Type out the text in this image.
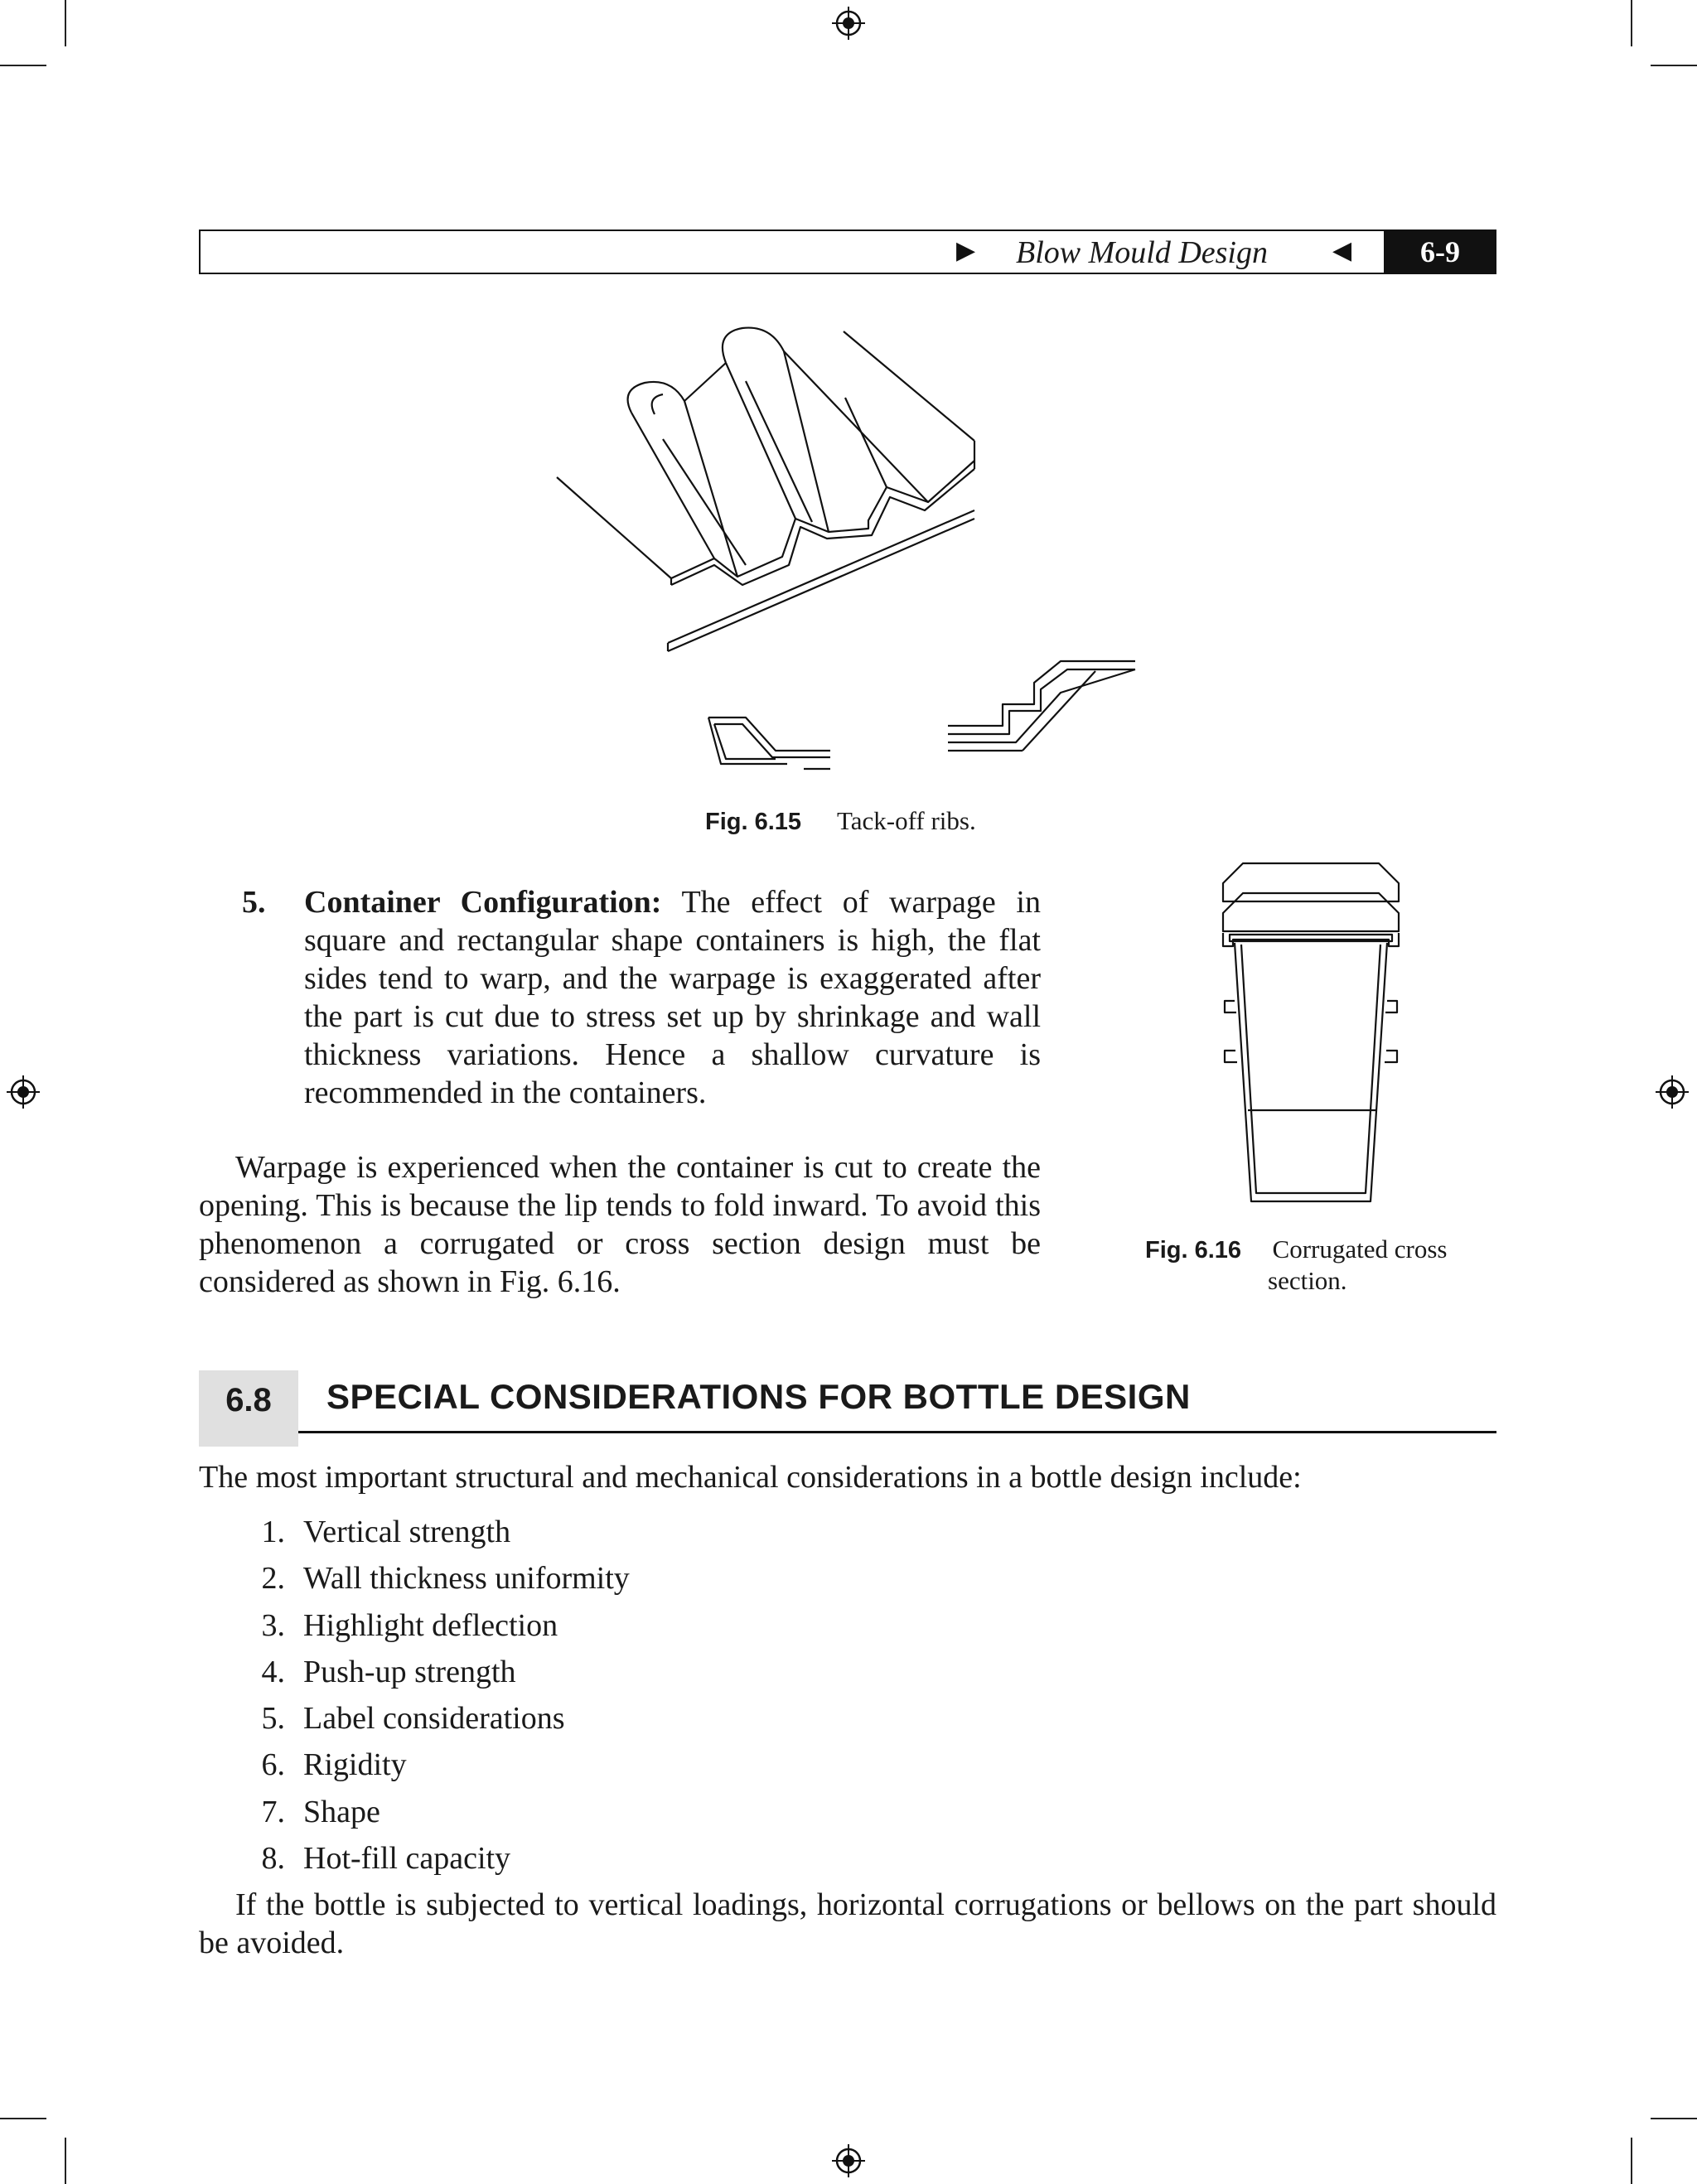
▶ Blow Mould Design	◀	6-9
Fig. 6.15 Tack-off ribs.
Fig. 6.16 Corrugated cross
section.
5. Container Configuration: The effect of warpage in square and rectangular shape containers is high, the flat sides tend to warp, and the warpage is exaggerated after the part is cut due to stress set up by shrinkage and wall thickness variations. Hence a shallow curvature is recommended in the containers.
Warpage is experienced when the container is cut to create the opening. This is because the lip tends to fold inward. To avoid this phenomenon a corrugated or cross section design must be considered as shown in Fig. 6.16.
6.8	SPECIAL CONSIDERATIONS FOR BOTTLE DESIGN
The most important structural and mechanical considerations in a bottle design include:
1. Vertical strength
2. Wall thickness uniformity
3. Highlight deflection
4. Push-up strength
5. Label considerations
6. Rigidity
7. Shape
8. Hot-fill capacity
If the bottle is subjected to vertical loadings, horizontal corrugations or bellows on the part should be avoided.
